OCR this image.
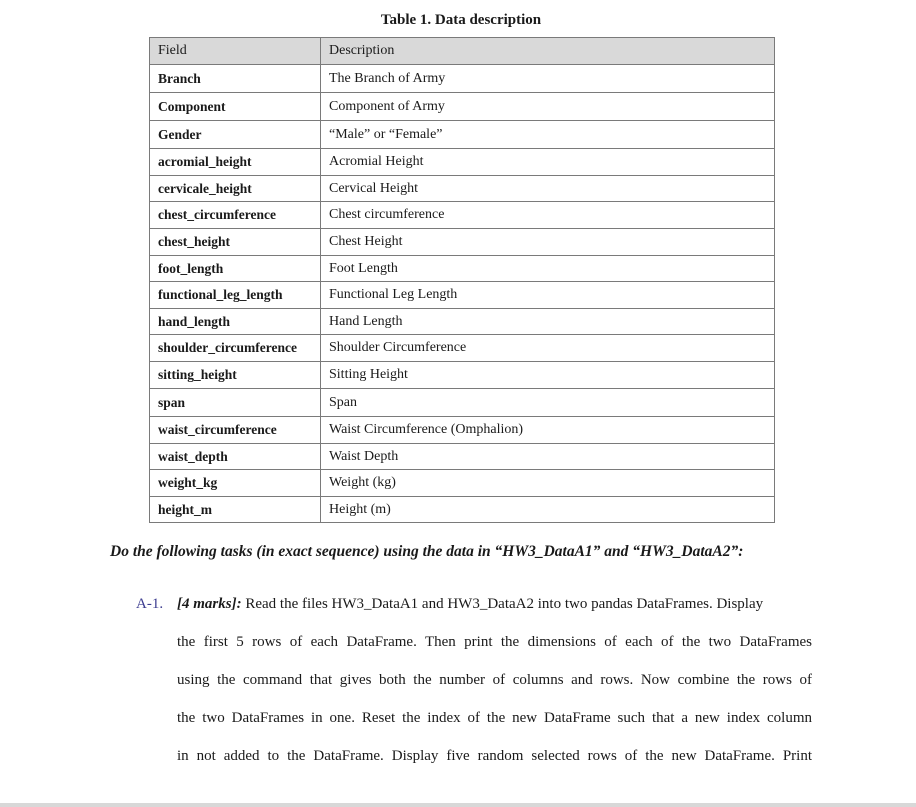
Table 1. Data description
Field	Description
Branch	The Branch of Army
Component	Component of Army
Gender	“Male” or “Female”
acromial_height	Acromial Height
cervicale_height	Cervical Height
chest_circumference	Chest circumference
chest_height	Chest Height
foot_length	Foot Length
functional_leg_length	Functional Leg Length
hand_length	Hand Length
shoulder_circumference	Shoulder Circumference
sitting_height	Sitting Height
span	Span
waist_circumference	Waist Circumference (Omphalion)
waist_depth	Waist Depth
weight_kg	Weight (kg)
height_m	Height (m)
Do the following tasks (in exact sequence) using the data in “HW3_DataA1” and “HW3_DataA2”:
A-1. [4 marks]: Read the files HW3_DataA1 and HW3_DataA2 into two pandas DataFrames. Display
the first 5 rows of each DataFrame. Then print the dimensions of each of the two DataFrames
using the command that gives both the number of columns and rows. Now combine the rows of
the two DataFrames in one. Reset the index of the new DataFrame such that a new index column
in not added to the DataFrame. Display five random selected rows of the new DataFrame. Print
